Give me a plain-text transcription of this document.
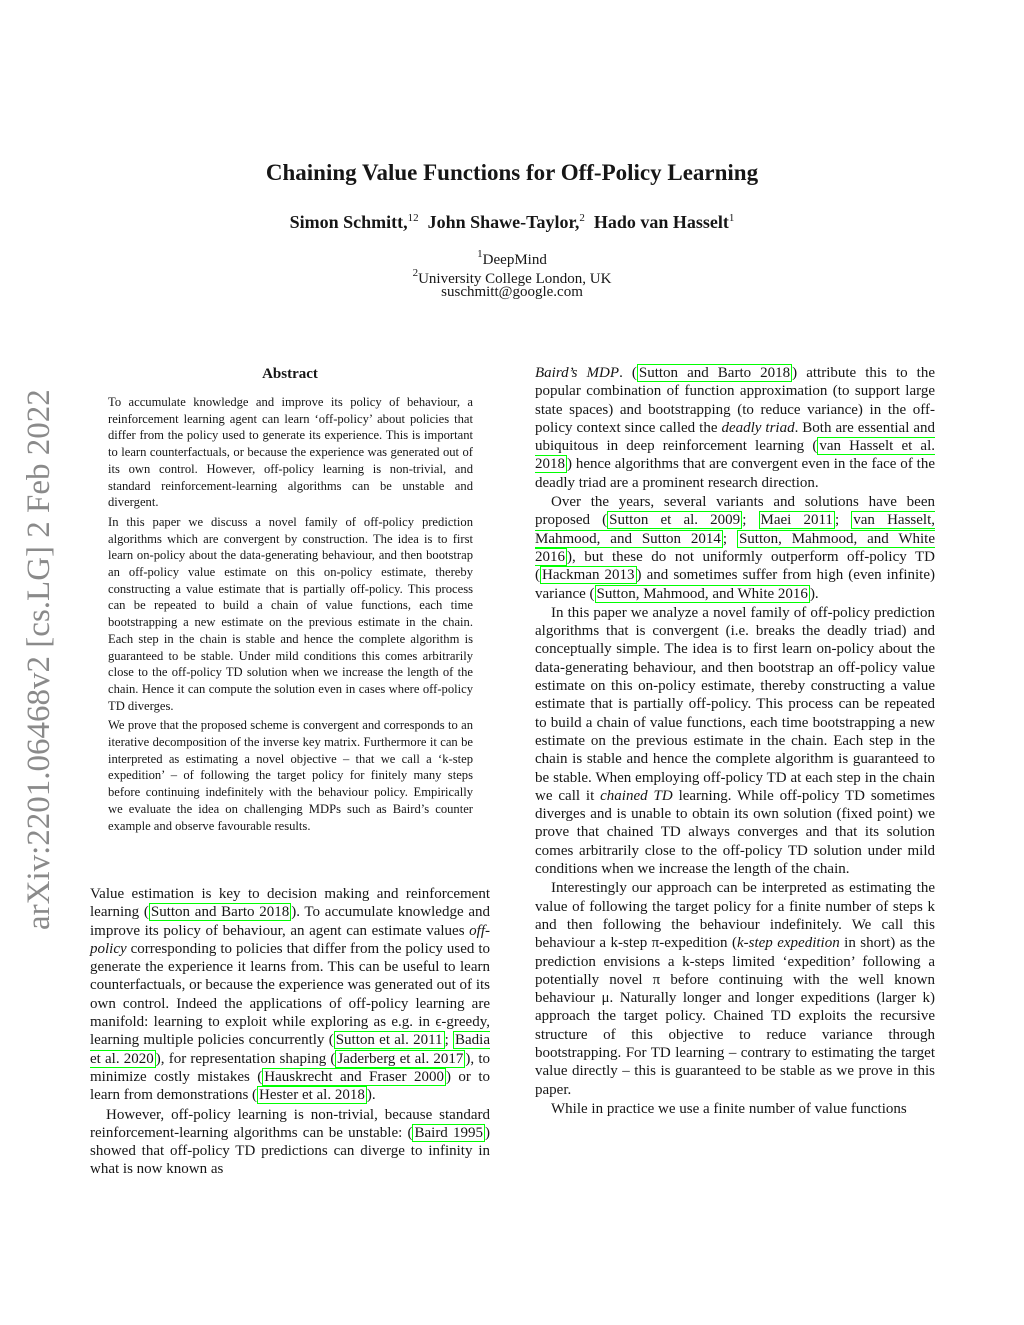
arXiv:2201.06468v2 [cs.LG] 2 Feb 2022
Chaining Value Functions for Off-Policy Learning
Simon Schmitt,$^{12}$ John Shawe-Taylor,$^2$ Hado van Hasselt$^1$
$^1$DeepMind
$^2$University College London, UK
suschmitt@google.com
Abstract

To accumulate knowledge and improve its policy of behaviour, a reinforcement learning agent can learn ‘off-policy’ about policies that differ from the policy used to generate its experience. This is important to learn counterfactuals, or because the experience was generated out of its own control. However, off-policy learning is non-trivial, and standard reinforcement-learning algorithms can be unstable and divergent.

In this paper we discuss a novel family of off-policy prediction algorithms which are convergent by construction. The idea is to first learn on-policy about the data-generating behaviour, and then bootstrap an off-policy value estimate on this on-policy estimate, thereby constructing a value estimate that is partially off-policy. This process can be repeated to build a chain of value functions, each time bootstrapping a new estimate on the previous estimate in the chain. Each step in the chain is stable and hence the complete algorithm is guaranteed to be stable. Under mild conditions this comes arbitrarily close to the off-policy TD solution when we increase the length of the chain. Hence it can compute the solution even in cases where off-policy TD diverges.

We prove that the proposed scheme is convergent and corresponds to an iterative decomposition of the inverse key matrix. Furthermore it can be interpreted as estimating a novel objective – that we call a ‘k-step expedition’ – of following the target policy for finitely many steps before continuing indefinitely with the behaviour policy. Empirically we evaluate the idea on challenging MDPs such as Baird’s counter example and observe favourable results.

Value estimation is key to decision making and reinforcement learning ( Sutton and Barto 2018 ). To accumulate knowledge and improve its policy of behaviour, an agent can estimate values off-policy corresponding to policies that differ from the policy used to generate the experience it learns from. This can be useful to learn counterfactuals, or because the experience was generated out of its own control. Indeed the applications of off-policy learning are manifold: learning to exploit while exploring as e.g. in ϵ-greedy, learning multiple policies concurrently ( Sutton et al. 2011 ; Badia et al. 2020 ), for representation shaping ( Jaderberg et al. 2017 ), to minimize costly mistakes ( Hauskrecht and Fraser 2000 ) or to learn from demonstrations ( Hester et al. 2018 ).

However, off-policy learning is non-trivial, because standard reinforcement-learning algorithms can be unstable: ( Baird 1995 ) showed that off-policy TD predictions can diverge to infinity in what is now known as

Baird’s MDP. ( Sutton and Barto 2018 ) attribute this to the popular combination of function approximation (to support large state spaces) and bootstrapping (to reduce variance) in the off-policy context since called the deadly triad. Both are essential and ubiquitous in deep reinforcement learning ( van Hasselt et al. 2018 ) hence algorithms that are convergent even in the face of the deadly triad are a prominent research direction.

Over the years, several variants and solutions have been proposed ( Sutton et al. 2009 ; Maei 2011 ; van Hasselt, Mahmood, and Sutton 2014 ; Sutton, Mahmood, and White 2016 ), but these do not uniformly outperform off-policy TD ( Hackman 2013 ) and sometimes suffer from high (even infinite) variance ( Sutton, Mahmood, and White 2016 ).

In this paper we analyze a novel family of off-policy prediction algorithms that is convergent (i.e. breaks the deadly triad) and conceptually simple. The idea is to first learn on-policy about the data-generating behaviour, and then bootstrap an off-policy value estimate on this on-policy estimate, thereby constructing a value estimate that is partially off-policy. This process can be repeated to build a chain of value functions, each time bootstrapping a new estimate on the previous estimate in the chain. Each step in the chain is stable and hence the complete algorithm is guaranteed to be stable. When employing off-policy TD at each step in the chain we call it chained TD learning. While off-policy TD sometimes diverges and is unable to obtain its own solution (fixed point) we prove that chained TD always converges and that its solution comes arbitrarily close to the off-policy TD solution under mild conditions when we increase the length of the chain.

Interestingly our approach can be interpreted as estimating the value of following the target policy for a finite number of steps k and then following the behaviour indefinitely. We call this behaviour a k-step π-expedition (k-step expedition in short) as the prediction envisions a k-steps limited ‘expedition’ following a potentially novel π before continuing with the well known behaviour μ. Naturally longer and longer expeditions (larger k) approach the target policy. Chained TD exploits the recursive structure of this objective to reduce variance through bootstrapping. For TD learning – contrary to estimating the target value directly – this is guaranteed to be stable as we prove in this paper.

While in practice we use a finite number of value functions
